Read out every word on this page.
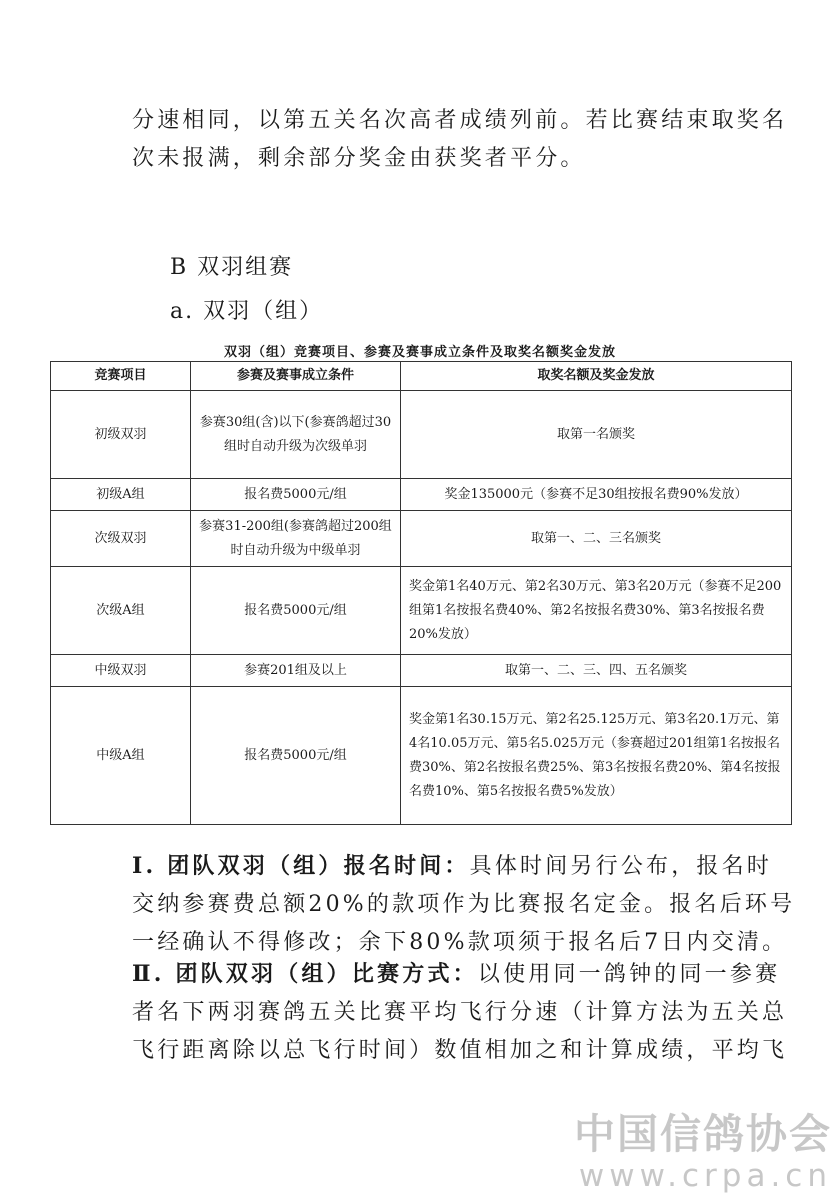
分速相同，以第五关名次高者成绩列前。若比赛结束取奖名
次未报满，剩余部分奖金由获奖者平分。
B 双羽组赛
a. 双羽（组）
双羽（组）竞赛项目、参赛及赛事成立条件及取奖名额奖金发放
竞赛项目	参赛及赛事成立条件	取奖名额及奖金发放
初级双羽	参赛30组(含)以下(参赛鸽超过30组时自动升级为次级单羽	取第一名颁奖
初级A组	报名费5000元/组	奖金135000元（参赛不足30组按报名费90%发放）
次级双羽	参赛31-200组(参赛鸽超过200组时自动升级为中级单羽	取第一、二、三名颁奖
次级A组	报名费5000元/组	奖金第1名40万元、第2名30万元、第3名20万元（参赛不足200组第1名按报名费40%、第2名按报名费30%、第3名按报名费20%发放）
中级双羽	参赛201组及以上	取第一、二、三、四、五名颁奖
中级A组	报名费5000元/组	奖金第1名30.15万元、第2名25.125万元、第3名20.1万元、第4名10.05万元、第5名5.025万元（参赛超过201组第1名按报名费30%、第2名按报名费25%、第3名按报名费20%、第4名按报名费10%、第5名按报名费5%发放）
Ⅰ. 团队双羽（组）报名时间：具体时间另行公布，报名时
交纳参赛费总额20%的款项作为比赛报名定金。报名后环号
一经确认不得修改；余下80%款项须于报名后7日内交清。
Ⅱ. 团队双羽（组）比赛方式：以使用同一鸽钟的同一参赛
者名下两羽赛鸽五关比赛平均飞行分速（计算方法为五关总
飞行距离除以总飞行时间）数值相加之和计算成绩，平均飞
中国信鸽协会
www.crpa.cn
